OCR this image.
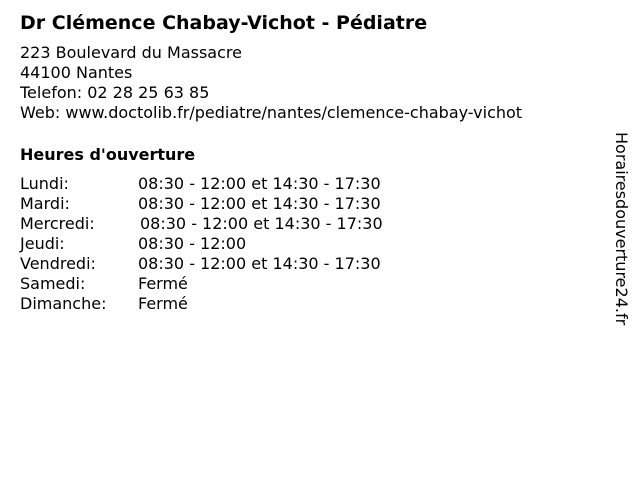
Dr Clémence Chabay-Vichot - Pédiatre
223 Boulevard du Massacre
44100 Nantes
Telefon: 02 28 25 63 85
Web: www.doctolib.fr/pediatre/nantes/clemence-chabay-vichot
Heures d'ouverture
Lundi:	08:30 - 12:00 et 14:30 - 17:30
Mardi:	08:30 - 12:00 et 14:30 - 17:30
Mercredi:	08:30 - 12:00 et 14:30 - 17:30
Jeudi:	08:30 - 12:00
Vendredi:	08:30 - 12:00 et 14:30 - 17:30
Samedi:	Fermé
Dimanche: Fermé	Horairesdouverture24.fr
